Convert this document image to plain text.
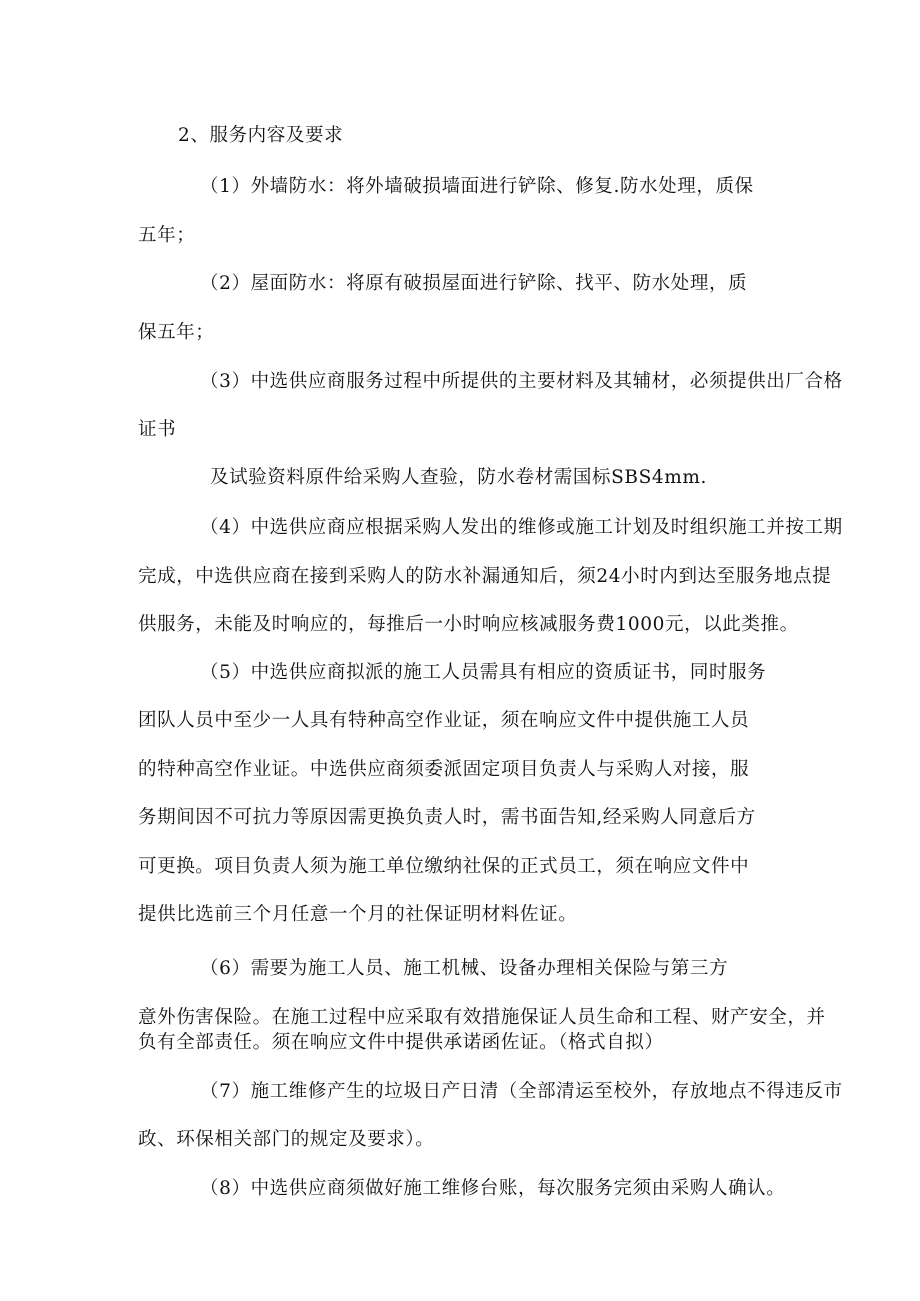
2、服务内容及要求
（1）外墙防水：将外墙破损墙面进行铲除、修复.防水处理，质保
五年；
（2）屋面防水：将原有破损屋面进行铲除、找平、防水处理，质
保五年；
（3）中选供应商服务过程中所提供的主要材料及其辅材，必须提供出厂合格
证书
及试验资料原件给采购人查验，防水卷材需国标SBS4mm.
（4）中选供应商应根据采购人发出的维修或施工计划及时组织施工并按工期
完成，中选供应商在接到采购人的防水补漏通知后，须24小时内到达至服务地点提
供服务，未能及时响应的，每推后一小时响应核减服务费1000元，以此类推。
（5）中选供应商拟派的施工人员需具有相应的资质证书，同时服务
团队人员中至少一人具有特种高空作业证，须在响应文件中提供施工人员
的特种高空作业证。中选供应商须委派固定项目负责人与采购人对接，服
务期间因不可抗力等原因需更换负责人时，需书面告知,经采购人同意后方
可更换。项目负责人须为施工单位缴纳社保的正式员工，须在响应文件中
提供比选前三个月任意一个月的社保证明材料佐证。
（6）需要为施工人员、施工机械、设备办理相关保险与第三方
意外伤害保险。在施工过程中应采取有效措施保证人员生命和工程、财产安全，并
负有全部责任。须在响应文件中提供承诺函佐证。（格式自拟）
（7）施工维修产生的垃圾日产日清（全部清运至校外，存放地点不得违反市
政、环保相关部门的规定及要求）。
（8）中选供应商须做好施工维修台账，每次服务完须由采购人确认。
